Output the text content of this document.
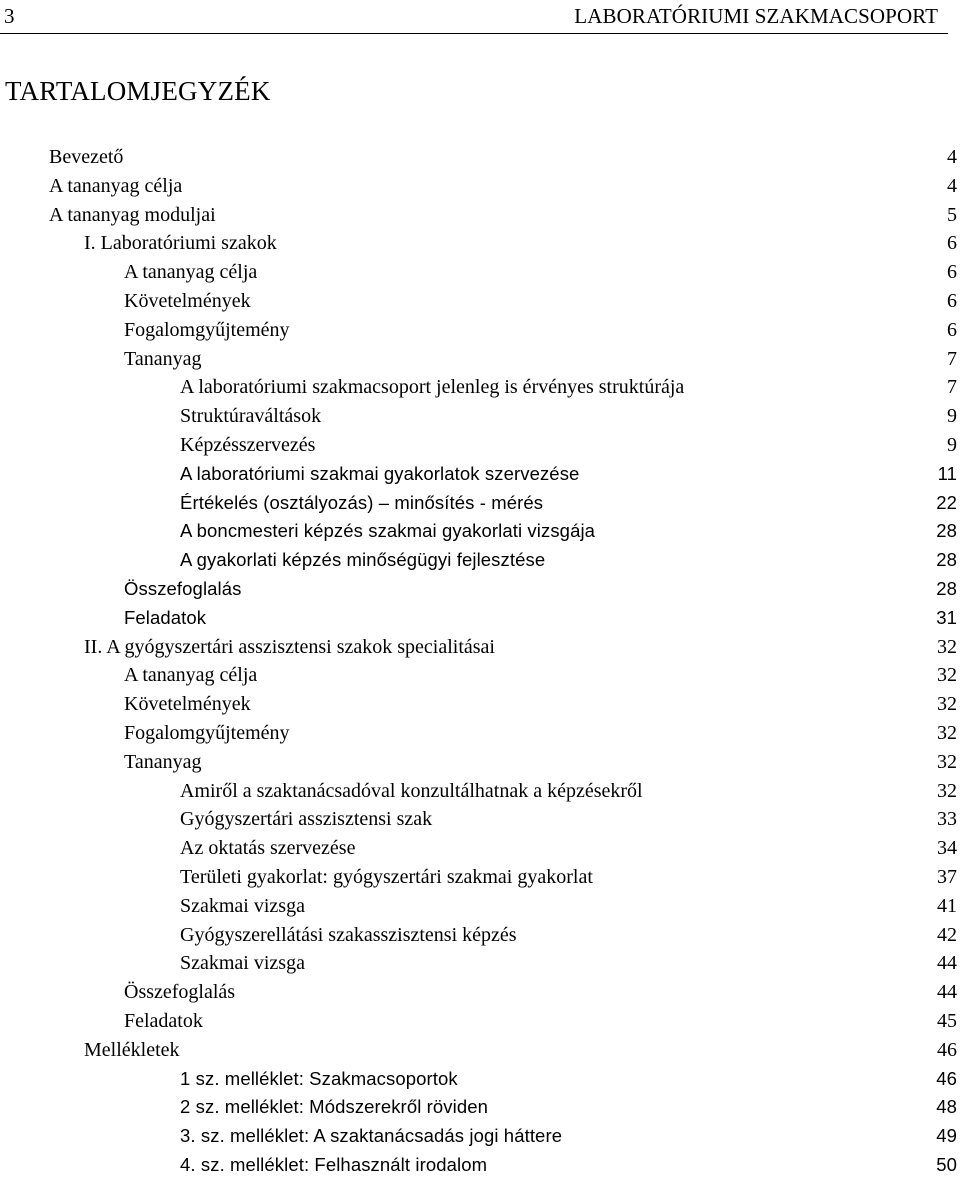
3	LABORATÓRIUMI SZAKMACSOPORT
TARTALOMJEGYZÉK
Bevezető	4
A tananyag célja	4
A tananyag moduljai	5
I. Laboratóriumi szakok	6
A tananyag célja	6
Követelmények	6
Fogalomgyűjtemény	6
Tananyag	7
A laboratóriumi szakmacsoport jelenleg is érvényes struktúrája	7
Struktúraváltások	9
Képzésszervezés	9
A laboratóriumi szakmai gyakorlatok szervezése	11
Értékelés (osztályozás) – minősítés - mérés	22
A boncmesteri képzés szakmai gyakorlati vizsgája	28
A gyakorlati képzés minőségügyi fejlesztése	28
Összefoglalás	28
Feladatok	31
II. A gyógyszertári asszisztensi szakok specialitásai	32
A tananyag célja	32
Követelmények	32
Fogalomgyűjtemény	32
Tananyag	32
Amiről a szaktanácsadóval konzultálhatnak a képzésekről	32
Gyógyszertári asszisztensi szak	33
Az oktatás szervezése	34
Területi gyakorlat: gyógyszertári szakmai gyakorlat	37
Szakmai vizsga	41
Gyógyszerellátási szakasszisztensi képzés	42
Szakmai vizsga	44
Összefoglalás	44
Feladatok	45
Mellékletek	46
1 sz. melléklet: Szakmacsoportok	46
2 sz. melléklet: Módszerekről röviden	48
3. sz. melléklet: A szaktanácsadás jogi háttere	49
4. sz. melléklet: Felhasznált irodalom	50
